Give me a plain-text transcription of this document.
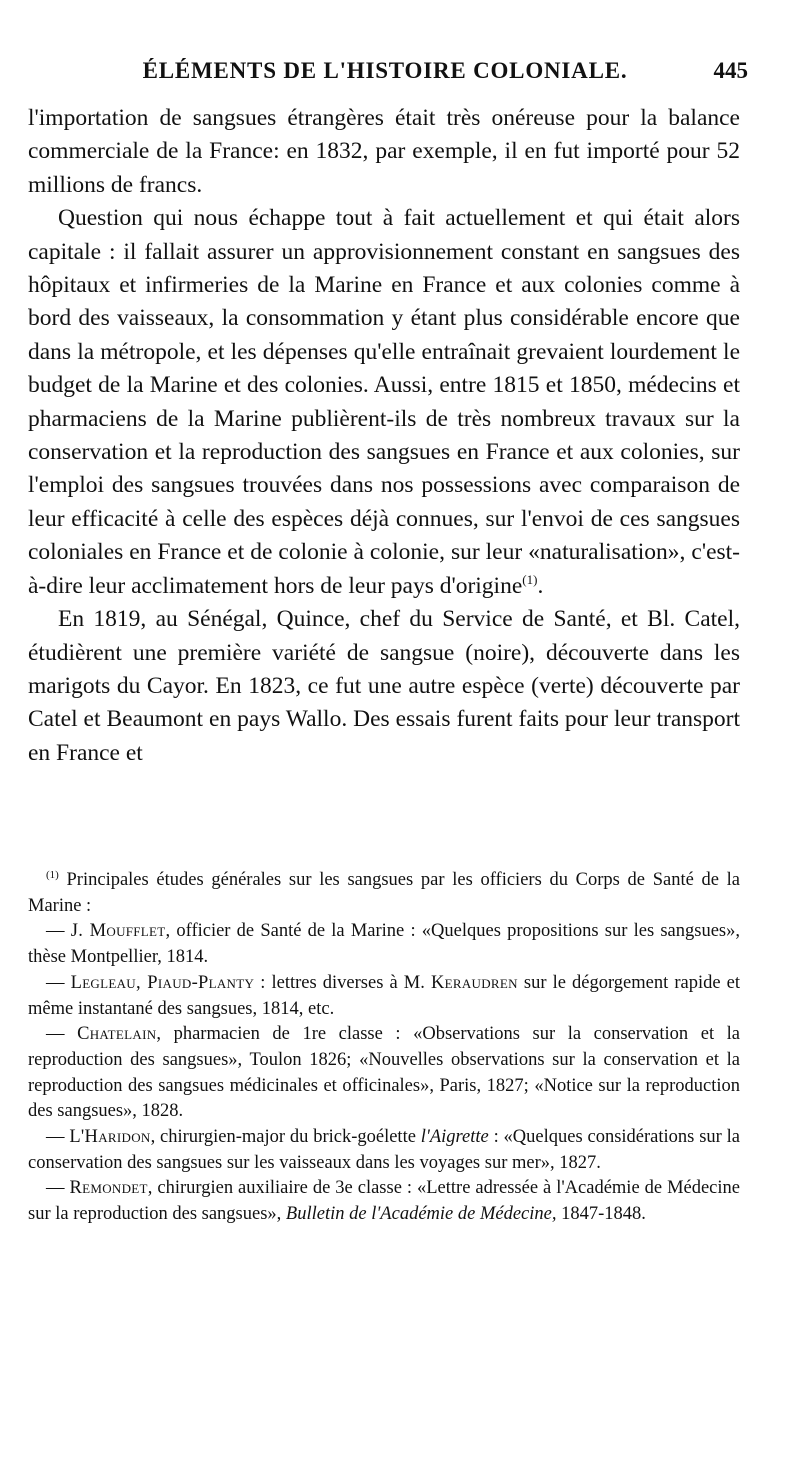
ÉLÉMENTS DE L'HISTOIRE COLONIALE.	445

l'importation de sangsues étrangères était très onéreuse pour la balance commerciale de la France: en 1832, par exemple, il en fut importé pour 52 millions de francs.

Question qui nous échappe tout à fait actuellement et qui était alors capitale : il fallait assurer un approvisionnement constant en sangsues des hôpitaux et infirmeries de la Marine en France et aux colonies comme à bord des vaisseaux, la consommation y étant plus considérable encore que dans la métropole, et les dépenses qu'elle entraînait grevaient lourdement le budget de la Marine et des colonies. Aussi, entre 1815 et 1850, médecins et pharmaciens de la Marine publièrent-ils de très nombreux travaux sur la conservation et la reproduction des sangsues en France et aux colonies, sur l'emploi des sangsues trouvées dans nos possessions avec comparaison de leur efficacité à celle des espèces déjà connues, sur l'envoi de ces sangsues coloniales en France et de colonie à colonie, sur leur «naturalisation», c'est-à-dire leur acclimatement hors de leur pays d'origine$^{(1)}$.

En 1819, au Sénégal, Quince, chef du Service de Santé, et Bl. Catel, étudièrent une première variété de sangsue (noire), découverte dans les marigots du Cayor. En 1823, ce fut une autre espèce (verte) découverte par Catel et Beaumont en pays Wallo. Des essais furent faits pour leur transport en France et

$^{(1)}$ Principales études générales sur les sangsues par les officiers du Corps de Santé de la Marine :

— J. Moufflet, officier de Santé de la Marine : «Quelques propositions sur les sangsues», thèse Montpellier, 1814.

— Legleau, Piaud-Planty : lettres diverses à M. Keraudren sur le dégorgement rapide et même instantané des sangsues, 1814, etc.

— Chatelain, pharmacien de 1re classe : «Observations sur la conservation et la reproduction des sangsues», Toulon 1826; «Nouvelles observations sur la conservation et la reproduction des sangsues médicinales et officinales», Paris, 1827; «Notice sur la reproduction des sangsues», 1828.

— L'Haridon, chirurgien-major du brick-goélette l'Aigrette : «Quelques considérations sur la conservation des sangsues sur les vaisseaux dans les voyages sur mer», 1827.

— Remondet, chirurgien auxiliaire de 3e classe : «Lettre adressée à l'Académie de Médecine sur la reproduction des sangsues», Bulletin de l'Académie de Médecine, 1847-1848.
